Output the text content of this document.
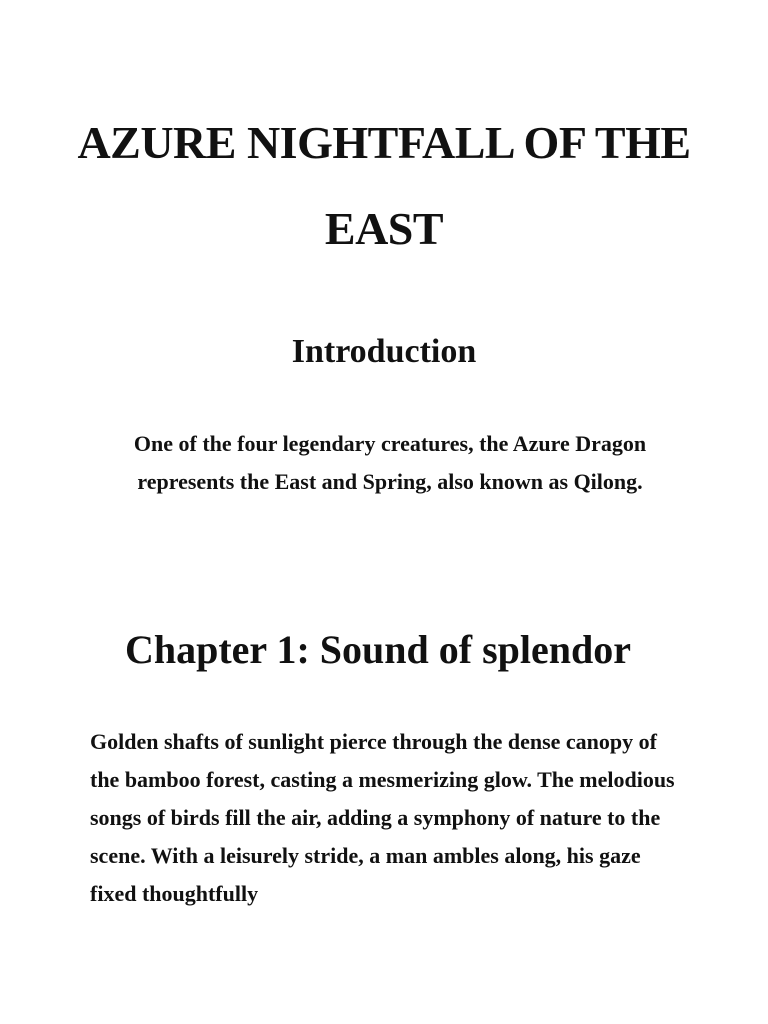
AZURE NIGHTFALL OF THE EAST
Introduction

One of the four legendary creatures, the Azure Dragon represents the East and Spring, also known as Qilong.

Chapter 1: Sound of splendor

Golden shafts of sunlight pierce through the dense canopy of the bamboo forest, casting a mesmerizing glow. The melodious songs of birds fill the air, adding a symphony of nature to the scene. With a leisurely stride, a man ambles along, his gaze fixed thoughtfully
